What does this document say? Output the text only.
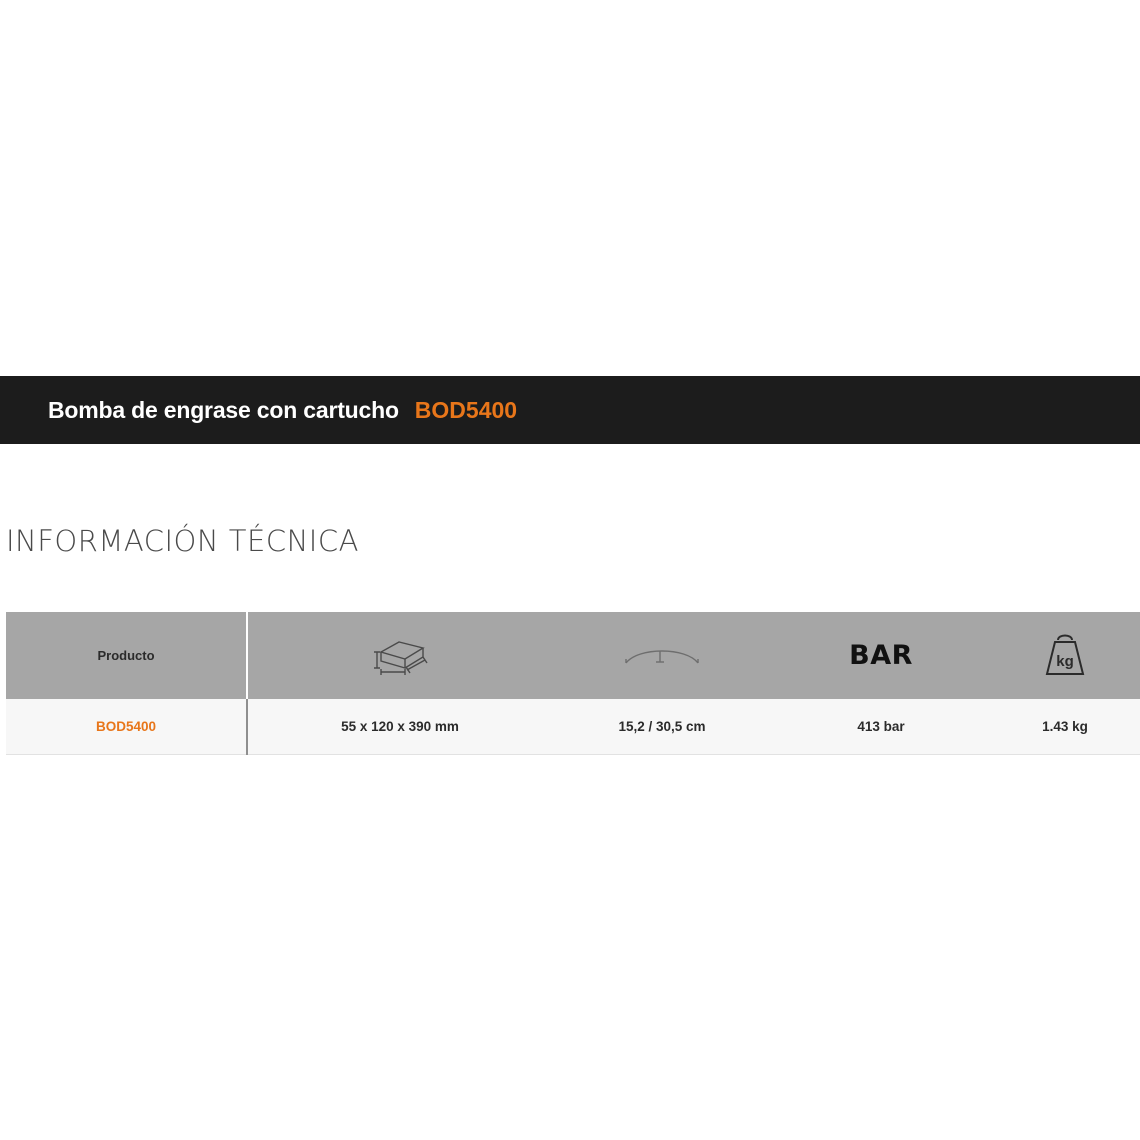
Bomba de engrase con cartucho BOD5400
INFORMACIÓN TÉCNICA
Producto			BAR	kg

BOD5400	55 x 120 x 390 mm	15,2 / 30,5 cm	413 bar	1.43 kg
